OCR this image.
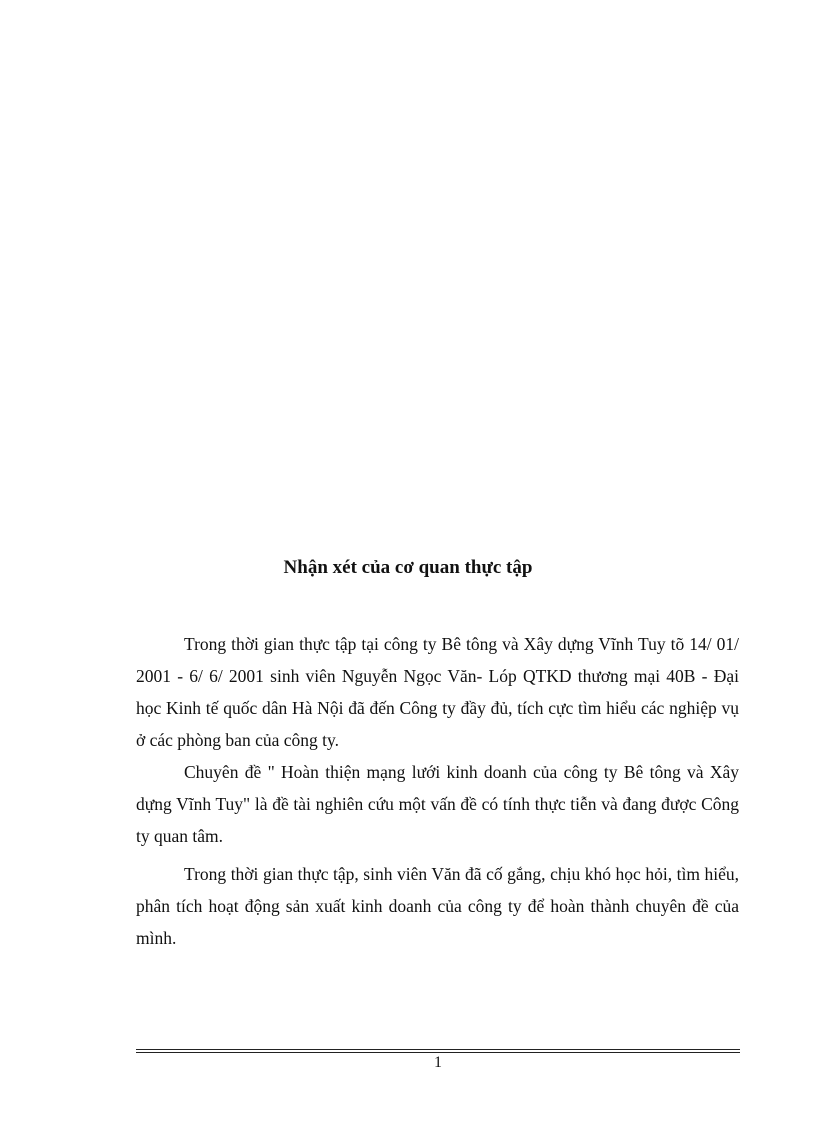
Nhận xét của cơ quan thực tập

Trong thời gian thực tập tại công ty Bê tông và Xây dựng Vĩnh Tuy tõ 14/ 01/ 2001 - 6/ 6/ 2001 sinh viên Nguyễn Ngọc Văn- Lóp QTKD thương mại 40B - Đại học Kinh tế quốc dân Hà Nội đã đến Công ty đầy đủ, tích cực tìm hiểu các nghiệp vụ ở các phòng ban của công ty.

Chuyên đề " Hoàn thiện mạng lưới kinh doanh của công ty Bê tông và Xây dựng Vĩnh Tuy" là đề tài nghiên cứu một vấn đề có tính thực tiễn và đang được Công ty quan tâm.

Trong thời gian thực tập, sinh viên Văn đã cố gắng, chịu khó học hỏi, tìm hiểu, phân tích hoạt động sản xuất kinh doanh của công ty để hoàn thành chuyên đề của mình.

1
